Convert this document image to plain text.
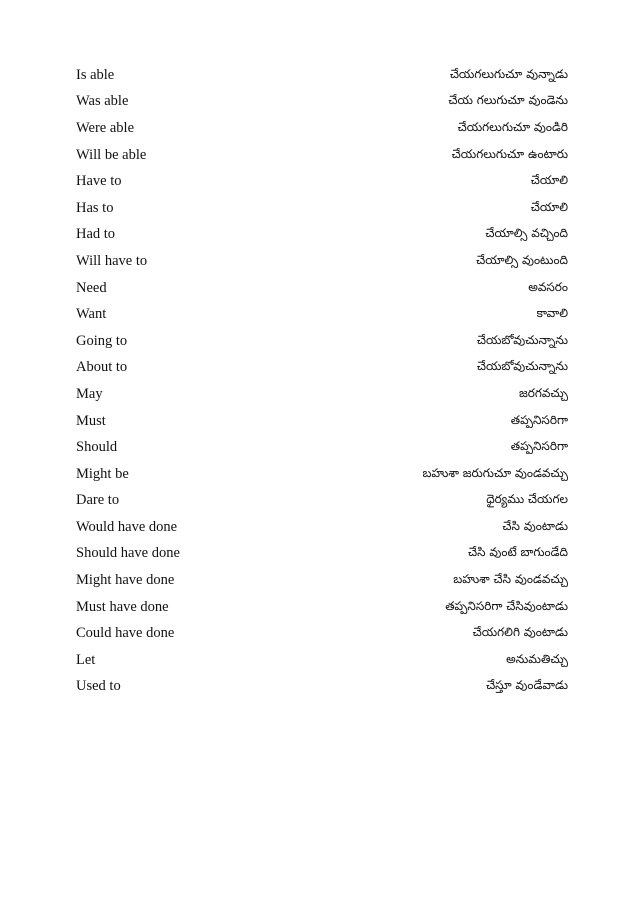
Is able	చేయగలుగుచూ వున్నాడు
Was able	చేయ గలుగుచూ వుండెను
Were able	చేయగలుగుచూ వుండిరి
Will be able	చేయగలుగుచూ ఉంటారు
Have to	చేయాలి
Has to	చేయాలి
Had to	చేయాల్సి వచ్చింది
Will have to	చేయాల్సి వుంటుంది
Need	అవసరం
Want	కావాలి
Going to	చేయబోవుచున్నాను
About to	చేయబోవుచున్నాను
May	జరగవచ్చు
Must	తప్పనిసరిగా
Should	తప్పనిసరిగా
Might be	బహుశా జరుగుచూ వుండవచ్చు
Dare to	ధైర్యము చేయగల
Would have done	చేసి వుంటాడు
Should have done	చేసి వుంటే బాగుండేది
Might have done	బహుశా చేసి వుండవచ్చు
Must have done	తప్పనిసరిగా చేసివుంటాడు
Could have done	చేయగలిగి వుంటాడు
Let	అనుమతిచ్చు
Used to	చేస్తూ వుండేవాడు
